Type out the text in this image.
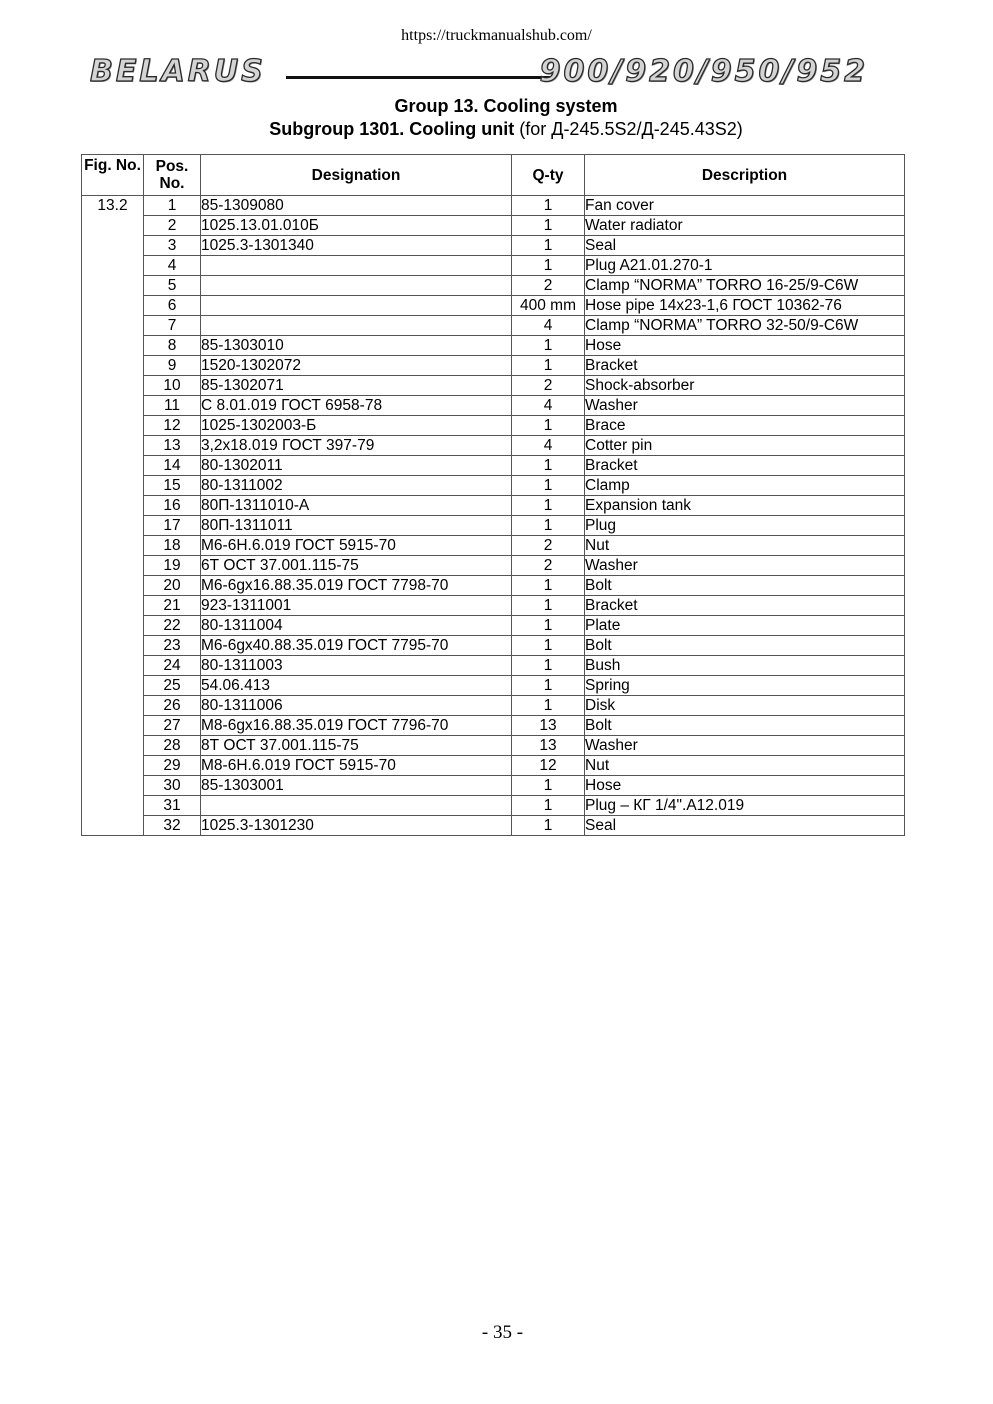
https://truckmanualshub.com/
BELARUS	900/920/950/952
Group 13. Cooling system
Subgroup 1301. Cooling unit (for Д-245.5S2/Д-245.43S2)
Fig. No.	Pos. No.	Designation	Q-ty	Description
13.2	1	85-1309080	1	Fan cover
	2	1025.13.01.010Б	1	Water radiator
	3	1025.3-1301340	1	Seal
	4		1	Plug A21.01.270-1
	5		2	Clamp “NORMA” TORRO 16-25/9-C6W
	6		400 mm	Hose pipe 14х23-1,6 ГОСТ 10362-76
	7		4	Clamp “NORMA” TORRO 32-50/9-C6W
	8	85-1303010	1	Hose
	9	1520-1302072	1	Bracket
	10	85-1302071	2	Shock-absorber
	11	С 8.01.019 ГОСТ 6958-78	4	Washer
	12	1025-1302003-Б	1	Brace
	13	3,2х18.019 ГОСТ 397-79	4	Cotter pin
	14	80-1302011	1	Bracket
	15	80-1311002	1	Clamp
	16	80П-1311010-А	1	Expansion tank
	17	80П-1311011	1	Plug
	18	М6-6Н.6.019 ГОСТ 5915-70	2	Nut
	19	6Т ОСТ 37.001.115-75	2	Washer
	20	М6-6gх16.88.35.019 ГОСТ 7798-70	1	Bolt
	21	923-1311001	1	Bracket
	22	80-1311004	1	Plate
	23	М6-6gх40.88.35.019 ГОСТ 7795-70	1	Bolt
	24	80-1311003	1	Bush
	25	54.06.413	1	Spring
	26	80-1311006	1	Disk
	27	М8-6gх16.88.35.019 ГОСТ 7796-70	13	Bolt
	28	8Т ОСТ 37.001.115-75	13	Washer
	29	М8-6Н.6.019 ГОСТ 5915-70	12	Nut
	30	85-1303001	1	Hose
	31		1	Plug – КГ 1/4".А12.019
	32	1025.3-1301230	1	Seal
- 35 -
